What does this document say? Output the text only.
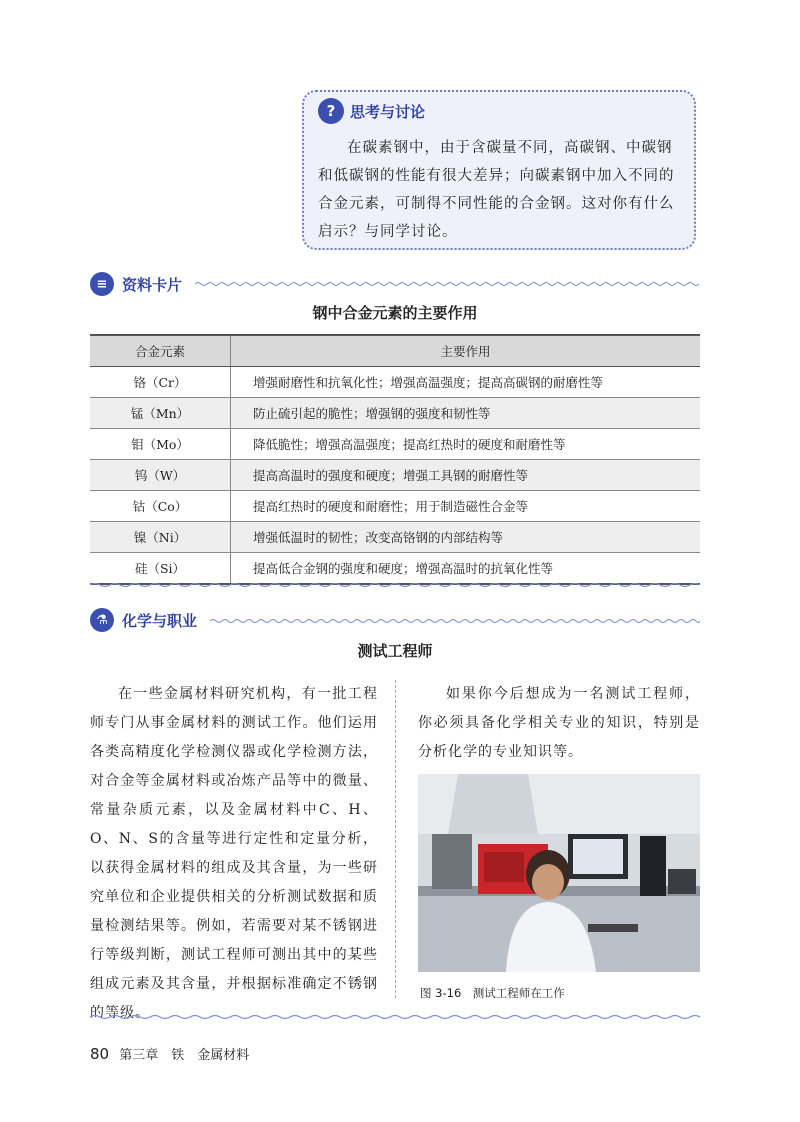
? 思考与讨论
在碳素钢中，由于含碳量不同，高碳钢、中碳钢和低碳钢的性能有很大差异；向碳素钢中加入不同的合金元素，可制得不同性能的合金钢。这对你有什么启示？与同学讨论。
≡ 资料卡片
钢中合金元素的主要作用
合金元素	主要作用
铬（Cr）	增强耐磨性和抗氧化性；增强高温强度；提高高碳钢的耐磨性等
锰（Mn）	防止硫引起的脆性；增强钢的强度和韧性等
钼（Mo）	降低脆性；增强高温强度；提高红热时的硬度和耐磨性等
钨（W）	提高高温时的强度和硬度；增强工具钢的耐磨性等
钴（Co）	提高红热时的硬度和耐磨性；用于制造磁性合金等
镍（Ni）	增强低温时的韧性；改变高铬钢的内部结构等
硅（Si）	提高低合金钢的强度和硬度；增强高温时的抗氧化性等
⚗ 化学与职业
测试工程师
在一些金属材料研究机构，有一批工程师专门从事金属材料的测试工作。他们运用各类高精度化学检测仪器或化学检测方法，对合金等金属材料或冶炼产品等中的微量、常量杂质元素，以及金属材料中C、H、O、N、S的含量等进行定性和定量分析，以获得金属材料的组成及其含量，为一些研究单位和企业提供相关的分析测试数据和质量检测结果等。例如，若需要对某不锈钢进行等级判断，测试工程师可测出其中的某些组成元素及其含量，并根据标准确定不锈钢的等级。
如果你今后想成为一名测试工程师，你必须具备化学相关专业的知识，特别是分析化学的专业知识等。
图 3-16　测试工程师在工作
80 第三章　铁　金属材料
